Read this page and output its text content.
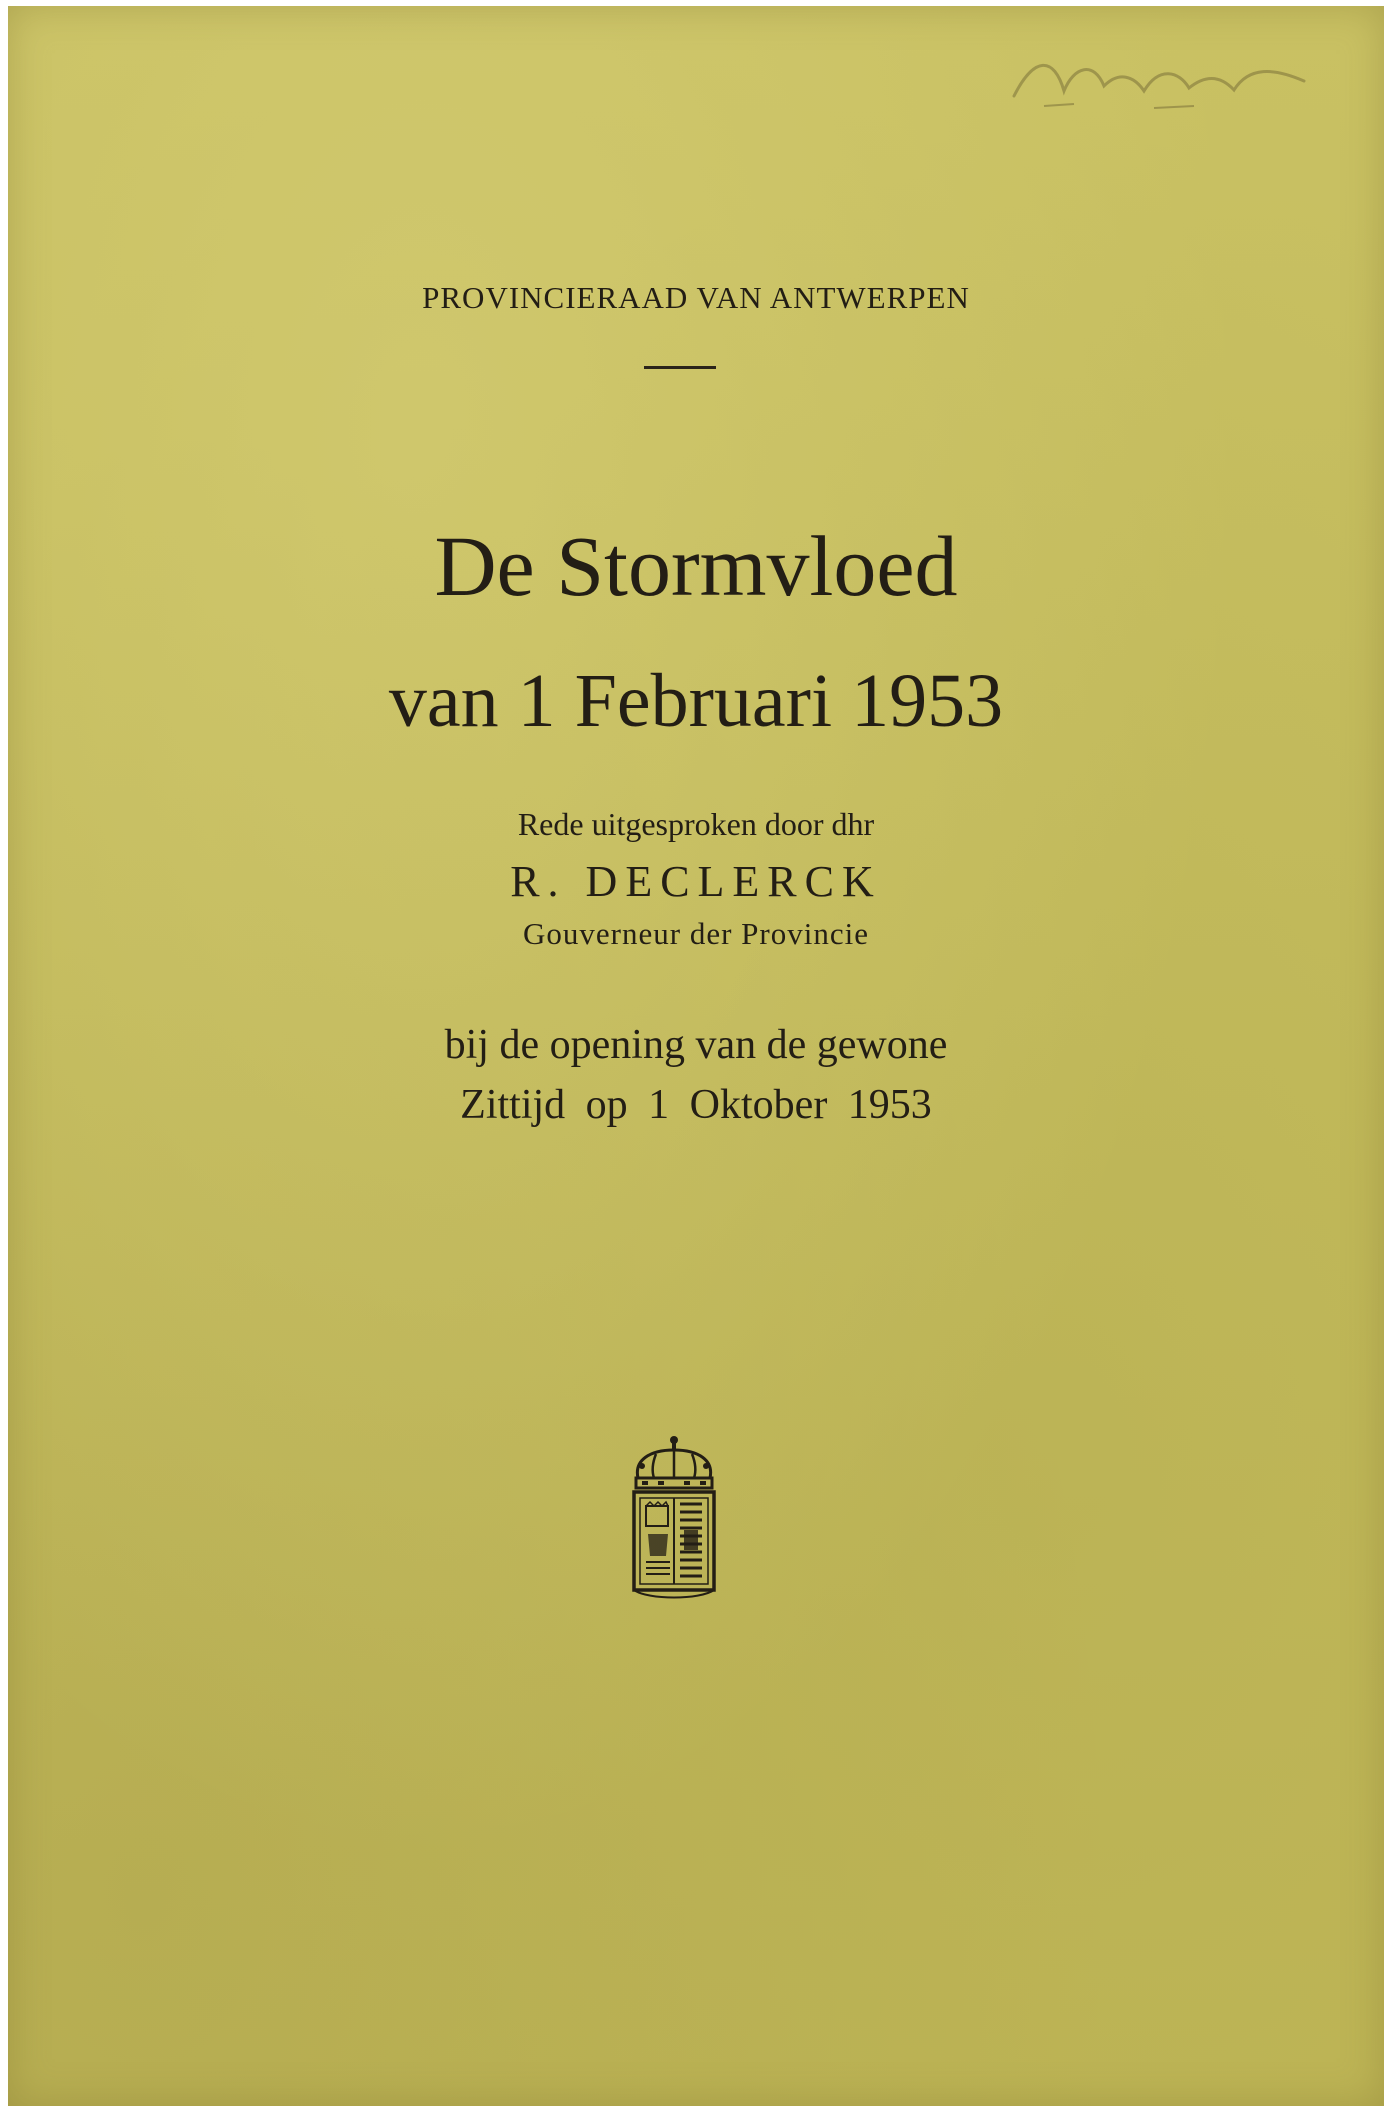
PROVINCIERAAD VAN ANTWERPEN
De Stormvloed
van 1 Februari 1953
Rede uitgesproken door dhr
R. DECLERCK
Gouverneur der Provincie
bij de opening van de gewone
Zittijd op 1 Oktober 1953
